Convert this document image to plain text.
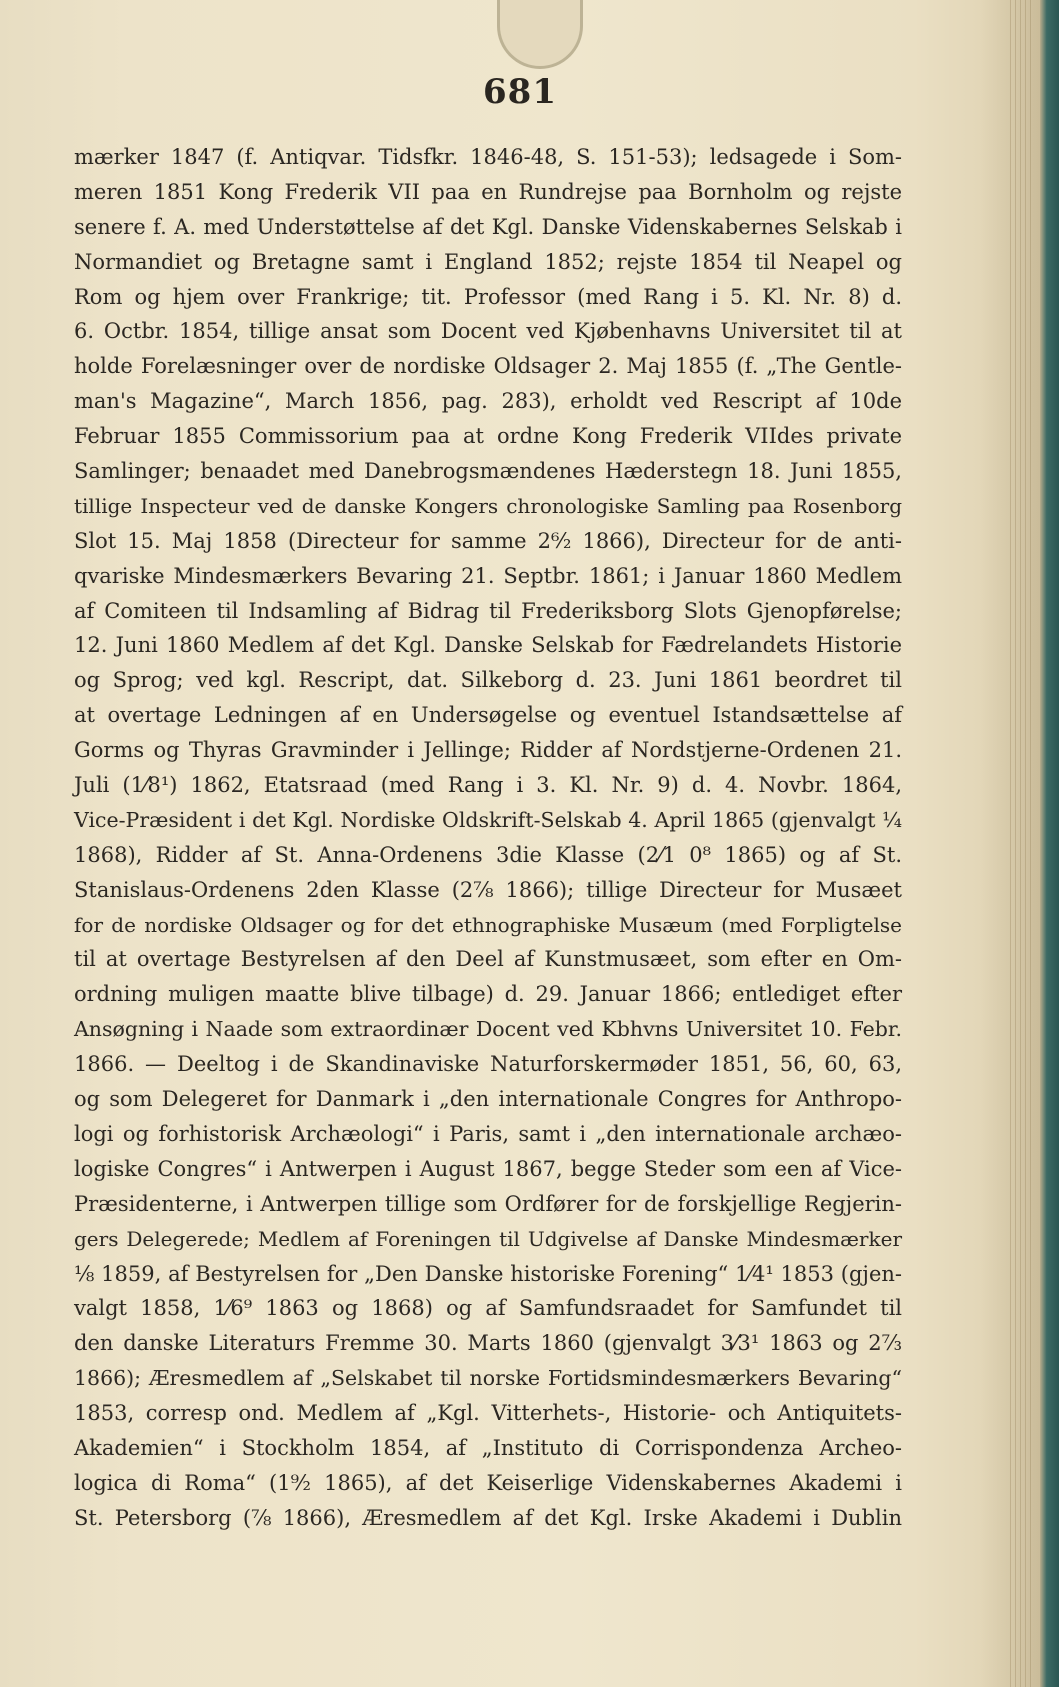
681
mærker 1847 (f. Antiqvar. Tidsfkr. 1846-48, S. 151-53); ledsagede i Som-
meren 1851 Kong Frederik VII paa en Rundrejse paa Bornholm og rejste
senere f. A. med Understøttelse af det Kgl. Danske Videnskabernes Selskab i
Normandiet og Bretagne samt i England 1852; rejste 1854 til Neapel og
Rom og hjem over Frankrige; tit. Professor (med Rang i 5. Kl. Nr. 8) d.
6. Octbr. 1854, tillige ansat som Docent ved Kjøbenhavns Universitet til at
holde Forelæsninger over de nordiske Oldsager 2. Maj 1855 (f. „The Gentle-
man's Magazine“, March 1856, pag. 283), erholdt ved Rescript af 10de
Februar 1855 Commissorium paa at ordne Kong Frederik VIIdes private
Samlinger; benaadet med Danebrogsmændenes Hæderstegn 18. Juni 1855,
tillige Inspecteur ved de danske Kongers chronologiske Samling paa Rosenborg
Slot 15. Maj 1858 (Directeur for samme 2⁶⁄₂ 1866), Directeur for de anti-
qvariske Mindesmærkers Bevaring 21. Septbr. 1861; i Januar 1860 Medlem
af Comiteen til Indsamling af Bidrag til Frederiksborg Slots Gjenopførelse;
12. Juni 1860 Medlem af det Kgl. Danske Selskab for Fædrelandets Historie
og Sprog; ved kgl. Rescript, dat. Silkeborg d. 23. Juni 1861 beordret til
at overtage Ledningen af en Undersøgelse og eventuel Istandsættelse af
Gorms og Thyras Gravminder i Jellinge; Ridder af Nordstjerne-Ordenen 21.
Juli (1⁄8¹) 1862, Etatsraad (med Rang i 3. Kl. Nr. 9) d. 4. Novbr. 1864,
Vice-Præsident i det Kgl. Nordiske Oldskrift-Selskab 4. April 1865 (gjenvalgt ¼
1868), Ridder af St. Anna-Ordenens 3die Klasse (2⁄1 0⁸ 1865) og af St.
Stanislaus-Ordenens 2den Klasse (2⁷⁄₈ 1866); tillige Directeur for Musæet
for de nordiske Oldsager og for det ethnographiske Musæum (med Forpligtelse
til at overtage Bestyrelsen af den Deel af Kunstmusæet, som efter en Om-
ordning muligen maatte blive tilbage) d. 29. Januar 1866; entlediget efter
Ansøgning i Naade som extraordinær Docent ved Kbhvns Universitet 10. Febr.
1866. — Deeltog i de Skandinaviske Naturforskermøder 1851, 56, 60, 63,
og som Delegeret for Danmark i „den internationale Congres for Anthropo-
logi og forhistorisk Archæologi“ i Paris, samt i „den internationale archæo-
logiske Congres“ i Antwerpen i August 1867, begge Steder som een af Vice-
Præsidenterne, i Antwerpen tillige som Ordfører for de forskjellige Regjerin-
gers Delegerede; Medlem af Foreningen til Udgivelse af Danske Mindesmærker
⅛ 1859, af Bestyrelsen for „Den Danske historiske Forening“ 1⁄4¹ 1853 (gjen-
valgt 1858, 1⁄6⁹ 1863 og 1868) og af Samfundsraadet for Samfundet til
den danske Literaturs Fremme 30. Marts 1860 (gjenvalgt 3⁄3¹ 1863 og 2⁷⁄₃
1866); Æresmedlem af „Selskabet til norske Fortidsmindesmærkers Bevaring“
1853, corresp ond. Medlem af „Kgl. Vitterhets-, Historie- och Antiquitets-
Akademien“ i Stockholm 1854, af „Instituto di Corrispondenza Archeo-
logica di Roma“ (1⁹⁄₂ 1865), af det Keiserlige Videnskabernes Akademi i
St. Petersborg (⅞ 1866), Æresmedlem af det Kgl. Irske Akademi i Dublin
